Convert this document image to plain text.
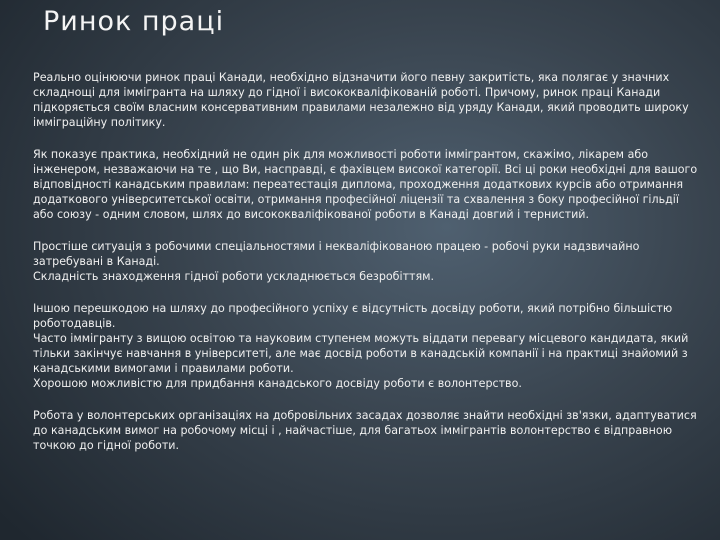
Ринок праці

Реально оцінюючи ринок праці Канади, необхідно відзначити його певну закритість, яка полягає у значних складнощі для іммігранта на шляху до гідної і висококваліфікованій роботі. Причому, ринок праці Канади підкоряється своїм власним консервативним правилами незалежно від уряду Канади, який проводить широку імміграційну політику.

Як показує практика, необхідний не один рік для можливості роботи іммігрантом, скажімо, лікарем або інженером, незважаючи на те , що Ви, насправді, є фахівцем високої категорії. Всі ці роки необхідні для вашого відповідності канадським правилам: перeатестація диплома, проходження додаткових курсів або отримання додаткового університетської освіти, отримання професійної ліцензії та схвалення з боку професійної гільдії або союзу - одним словом, шлях до висококваліфікованої роботи в Канаді довгий і тернистий.

Простіше ситуація з робочими спеціальностями і некваліфікованою працею - робочі руки надзвичайно затребувані в Канаді.
Складність знаходження гідної роботи ускладнюється безробіттям.

Іншою перешкодою на шляху до професійного успіху є відсутність досвіду роботи, який потрібно більшістю роботодавців.
Часто іммігранту з вищою освітою та науковим ступенем можуть віддати перевагу місцевого кандидата, який тільки закінчує навчання в університеті, але має досвід роботи в канадській компанії і на практиці знайомий з канадськими вимогами і правилами роботи.
Хорошою можливістю для придбання канадського досвіду роботи є волонтерство.

Робота у волонтерських організаціях на добровільних засадах дозволяє знайти необхідні зв'язки, адаптуватися до канадським вимог на робочому місці і , найчастіше, для багатьох іммігрантів волонтерство є відправною точкою до гідної роботи.
